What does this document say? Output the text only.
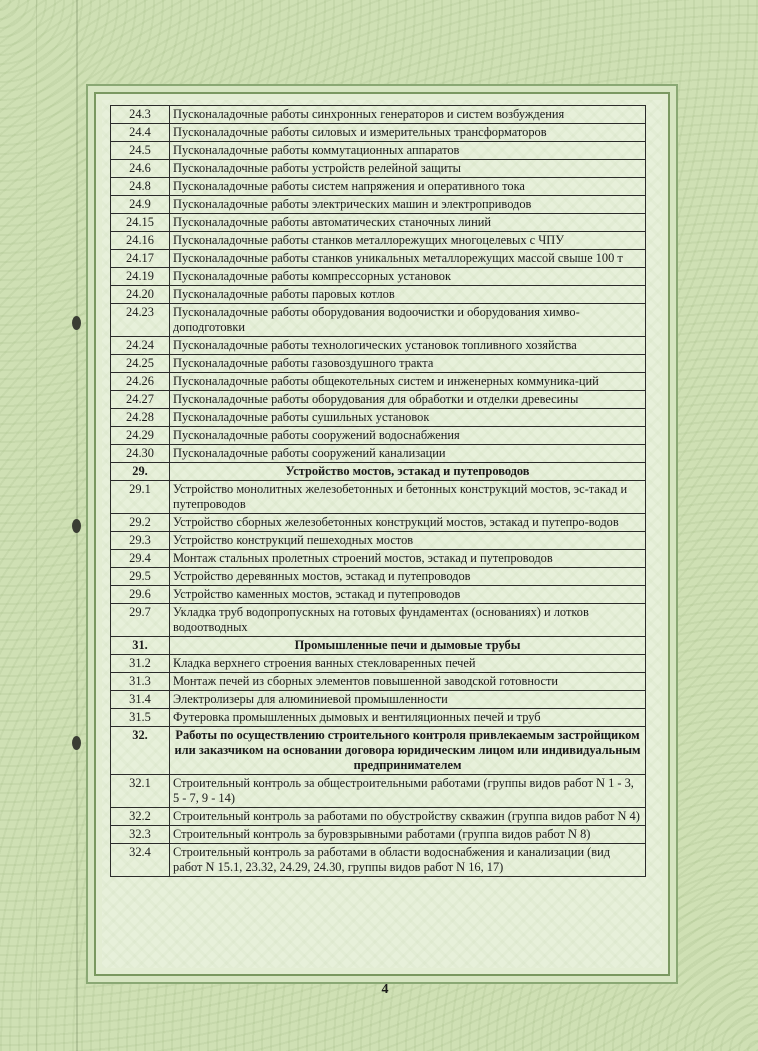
24.3	Пусконаладочные работы синхронных генераторов и систем возбуждения
24.4	Пусконаладочные работы силовых и измерительных трансформаторов
24.5	Пусконаладочные работы коммутационных аппаратов
24.6	Пусконаладочные работы устройств релейной защиты
24.8	Пусконаладочные работы систем напряжения и оперативного тока
24.9	Пусконаладочные работы электрических машин и электроприводов
24.15	Пусконаладочные работы автоматических станочных линий
24.16	Пусконаладочные работы станков металлорежущих многоцелевых с ЧПУ
24.17	Пусконаладочные работы станков уникальных металлорежущих массой свыше 100 т
24.19	Пусконаладочные работы компрессорных установок
24.20	Пусконаладочные работы паровых котлов
24.23	Пусконаладочные работы оборудования водоочистки и оборудования химво-доподготовки
24.24	Пусконаладочные работы технологических установок топливного хозяйства
24.25	Пусконаладочные работы газовоздушного тракта
24.26	Пусконаладочные работы общекотельных систем и инженерных коммуника-ций
24.27	Пусконаладочные работы оборудования для обработки и отделки древесины
24.28	Пусконаладочные работы сушильных установок
24.29	Пусконаладочные работы сооружений водоснабжения
24.30	Пусконаладочные работы сооружений канализации
29.	Устройство мостов, эстакад и путепроводов
29.1	Устройство монолитных железобетонных и бетонных конструкций мостов, эс-такад и путепроводов
29.2	Устройство сборных железобетонных конструкций мостов, эстакад и путепро-водов
29.3	Устройство конструкций пешеходных мостов
29.4	Монтаж стальных пролетных строений мостов, эстакад и путепроводов
29.5	Устройство деревянных мостов, эстакад и путепроводов
29.6	Устройство каменных мостов, эстакад и путепроводов
29.7	Укладка труб водопропускных на готовых фундаментах (основаниях) и лотков водоотводных
31.	Промышленные печи и дымовые трубы
31.2	Кладка верхнего строения ванных стекловаренных печей
31.3	Монтаж печей из сборных элементов повышенной заводской готовности
31.4	Электролизеры для алюминиевой промышленности
31.5	Футеровка промышленных дымовых и вентиляционных печей и труб
32.	Работы по осуществлению строительного контроля привлекаемым застройщиком или заказчиком на основании договора юридическим лицом или индивидуальным предпринимателем
32.1	Строительный контроль за общестроительными работами (группы видов работ N 1 - 3, 5 - 7, 9 - 14)
32.2	Строительный контроль за работами по обустройству скважин (группа видов работ N 4)
32.3	Строительный контроль за буровзрывными работами (группа видов работ N 8)
32.4	Строительный контроль за работами в области водоснабжения и канализации (вид работ N 15.1, 23.32, 24.29, 24.30, группы видов работ N 16, 17)
4
